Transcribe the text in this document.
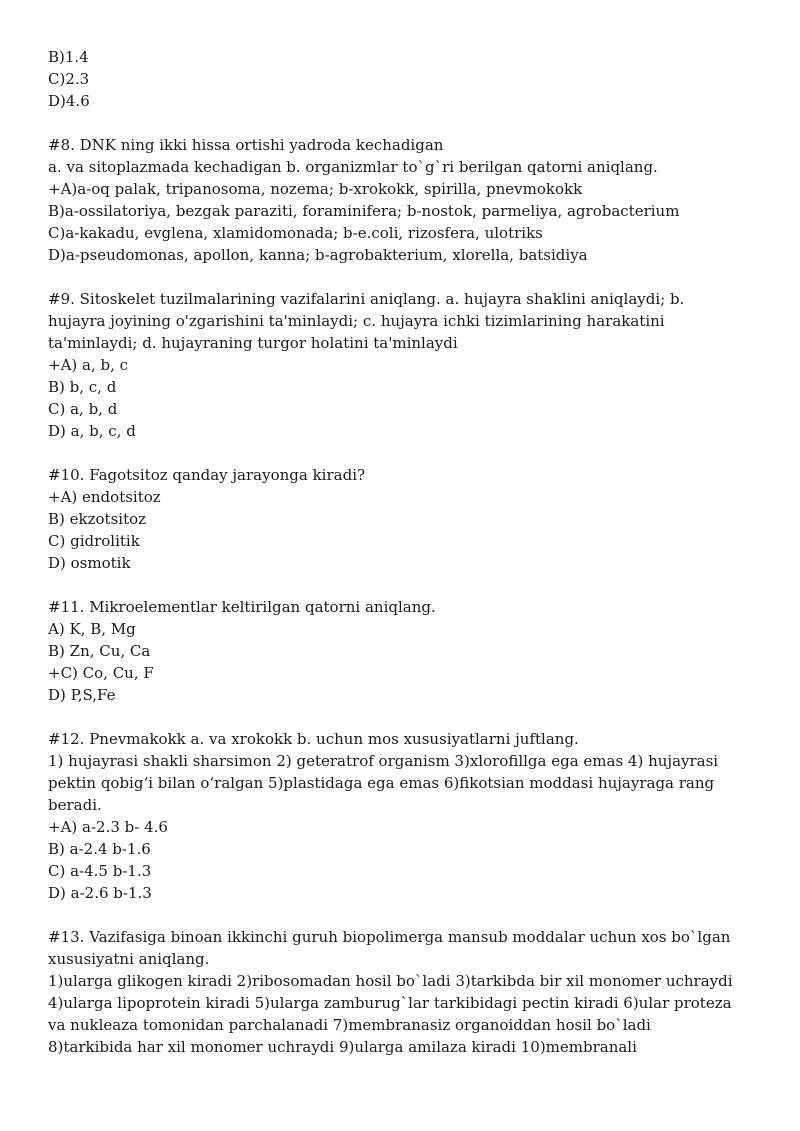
B)1.4
C)2.3
D)4.6
#8. DNK ning ikki hissa ortishi yadroda kechadigan
a. va sitoplazmada kechadigan b. organizmlar to`g`ri berilgan qatorni aniqlang.
+A)a-oq palak, tripanosoma, nozema; b-xrokokk, spirilla, pnevmokokk
B)a-ossilatoriya, bezgak paraziti, foraminifera; b-nostok, parmeliya, agrobacterium
C)a-kakadu, evglena, xlamidomonada; b-e.coli, rizosfera, ulotriks
D)a-pseudomonas, apollon, kanna; b-agrobakterium, xlorella, batsidiya
#9. Sitoskelet tuzilmalarining vazifalarini aniqlang. a. hujayra shaklini aniqlaydi; b.
hujayra joyining o'zgarishini ta'minlaydi; c. hujayra ichki tizimlarining harakatini
ta'minlaydi; d. hujayraning turgor holatini ta'minlaydi
+A) a, b, c
B) b, c, d
C) a, b, d
D) a, b, c, d
#10. Fagotsitoz qanday jarayonga kiradi?
+A) endotsitoz
B) ekzotsitoz
C) gidrolitik
D) osmotik
#11. Mikroelementlar keltirilgan qatorni aniqlang.
A) K, B, Mg
B) Zn, Cu, Ca
+C) Co, Cu, F
D) P,S,Fe
#12. Pnevmakokk a. va xrokokk b. uchun mos xususiyatlarni juftlang.
1) hujayrasi shakli sharsimon 2) geteratrof organism 3)xlorofillga ega emas 4) hujayrasi
pektin qobig‘i bilan o‘ralgan 5)plastidaga ega emas 6)fikotsian moddasi hujayraga rang
beradi.
+A) a-2.3 b- 4.6
B) a-2.4 b-1.6
C) a-4.5 b-1.3
D) a-2.6 b-1.3
#13. Vazifasiga binoan ikkinchi guruh biopolimerga mansub moddalar uchun xos bo`lgan
xususiyatni aniqlang.
1)ularga glikogen kiradi 2)ribosomadan hosil bo`ladi 3)tarkibda bir xil monomer uchraydi
4)ularga lipoprotein kiradi 5)ularga zamburug`lar tarkibidagi pectin kiradi 6)ular proteza
va nukleaza tomonidan parchalanadi 7)membranasiz organoiddan hosil bo`ladi
8)tarkibida har xil monomer uchraydi 9)ularga amilaza kiradi 10)membranali
